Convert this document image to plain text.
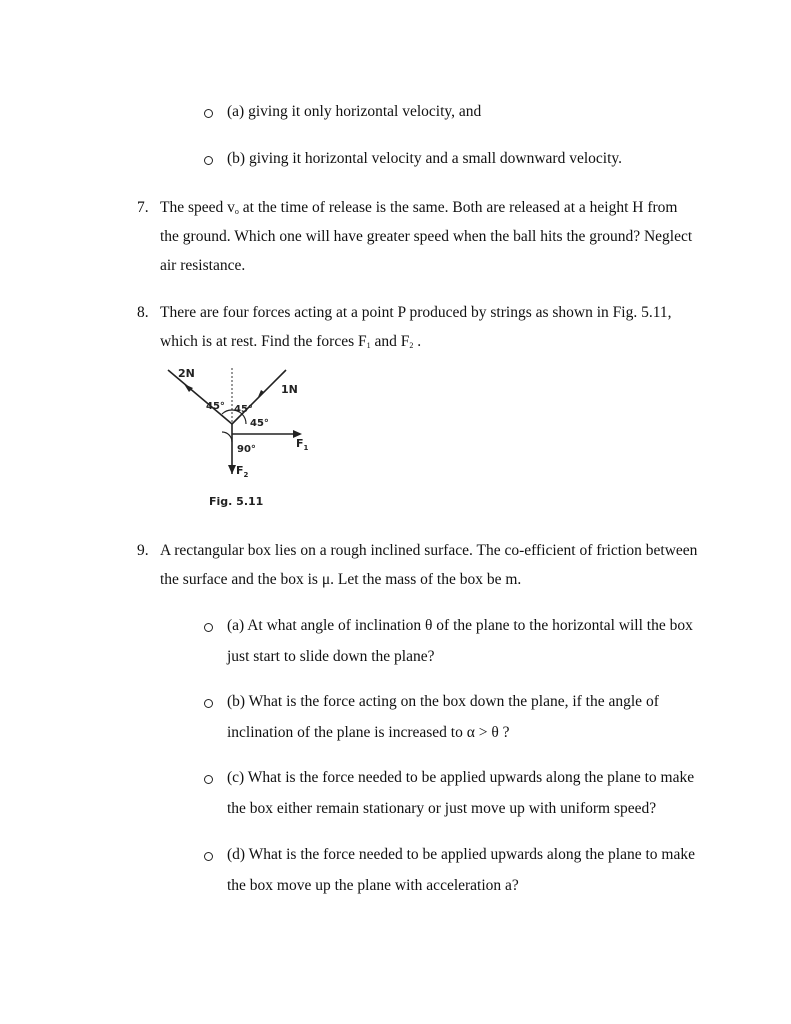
(a) giving it only horizontal velocity, and
(b) giving it horizontal velocity and a small downward velocity.
7. The speed $v_o$ at the time of release is the same. Both are released at a height H from
the ground. Which one will have greater speed when the ball hits the ground? Neglect
air resistance.
8. There are four forces acting at a point P produced by strings as shown in Fig. 5.11,
which is at rest. Find the forces $F_1$ and $F_2$ .
2N
1N
45° 45°
45°
90°	$F_1$
$F_2$
Fig. 5.11
9. A rectangular box lies on a rough inclined surface. The co-efficient of friction between
the surface and the box is μ. Let the mass of the box be m.
(a) At what angle of inclination θ of the plane to the horizontal will the box
just start to slide down the plane?
(b) What is the force acting on the box down the plane, if the angle of
inclination of the plane is increased to α > θ ?
(c) What is the force needed to be applied upwards along the plane to make
the box either remain stationary or just move up with uniform speed?
(d) What is the force needed to be applied upwards along the plane to make
the box move up the plane with acceleration a?
